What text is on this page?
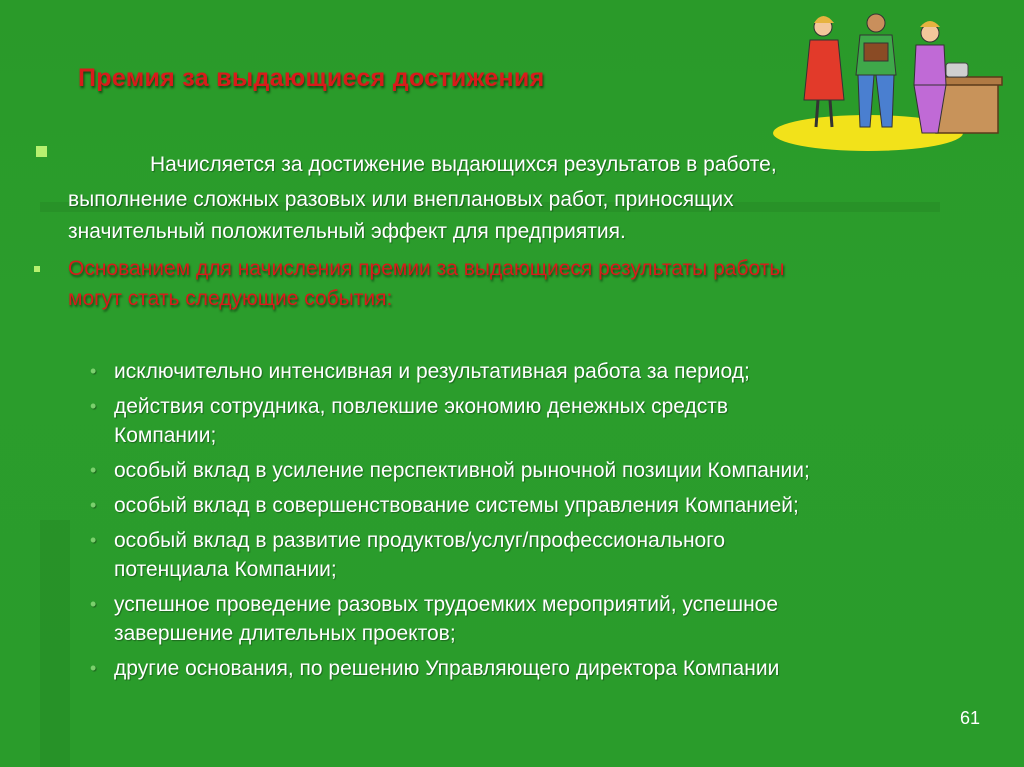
Премия за выдающиеся достижения
Начисляется за достижение выдающихся результатов в работе,
выполнение сложных разовых или внеплановых работ, приносящих
значительный положительный эффект для предприятия.
Основанием для начисления премии за выдающиеся результаты работы
могут стать следующие события:
• исключительно интенсивная и результативная работа за период;
• действия сотрудника, повлекшие экономию денежных средств
Компании;
• особый вклад в усиление перспективной рыночной позиции Компании;
• особый вклад в совершенствование системы управления Компанией;
• особый вклад в развитие продуктов/услуг/профессионального
потенциала Компании;
• успешное проведение разовых трудоемких мероприятий, успешное
завершение длительных проектов;
• другие основания, по решению Управляющего директора Компании
61
